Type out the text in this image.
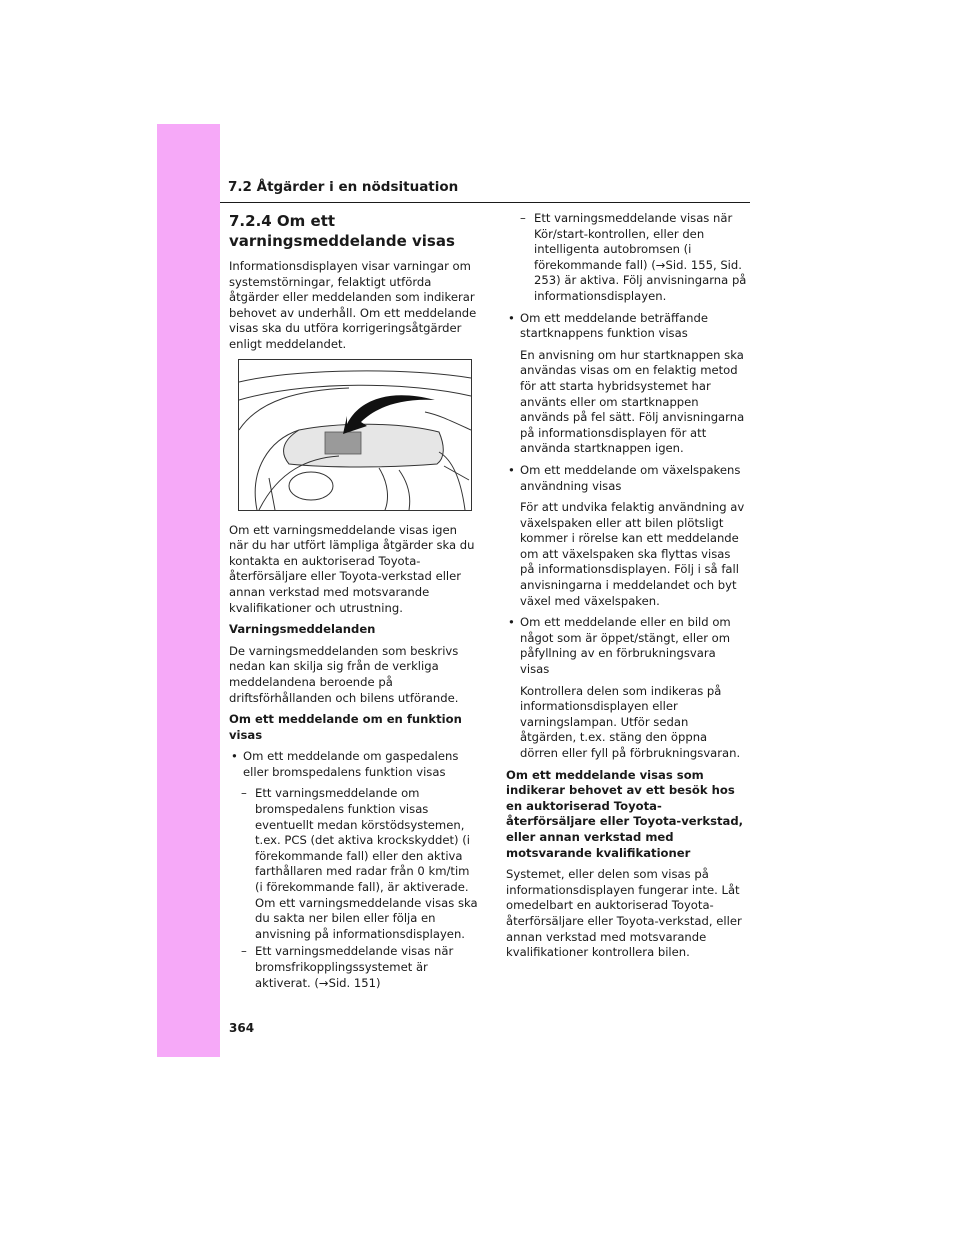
7.2 Åtgärder i en nödsituation
7.2.4 Om ett
varningsmeddelande visas

Informationsdisplayen visar varningar om systemstörningar, felaktigt utförda åtgärder eller meddelanden som indikerar behovet av underhåll. Om ett meddelande visas ska du utföra korrigeringsåtgärder enligt meddelandet.

Om ett varningsmeddelande visas igen när du har utfört lämpliga åtgärder ska du kontakta en auktoriserad Toyota-återförsäljare eller Toyota-verkstad eller annan verkstad med motsvarande kvalifikationer och utrustning.

Varningsmeddelanden

De varningsmeddelanden som beskrivs nedan kan skilja sig från de verkliga meddelandena beroende på driftsförhållanden och bilens utförande.

Om ett meddelande om en funktion visas

• Om ett meddelande om gaspedalens eller bromspedalens funktion visas
– Ett varningsmeddelande om bromspedalens funktion visas eventuellt medan körstödsystemen, t.ex. PCS (det aktiva krockskyddet) (i förekommande fall) eller den aktiva farthållaren med radar från 0 km/tim (i förekommande fall), är aktiverade. Om ett varningsmeddelande visas ska du sakta ner bilen eller följa en anvisning på informationsdisplayen.
– Ett varningsmeddelande visas när bromsfrikopplingssystemet är aktiverat. (→Sid. 151)
– Ett varningsmeddelande visas när Kör/start-kontrollen, eller den intelligenta autobromsen (i förekommande fall) (→Sid. 155, Sid. 253) är aktiva. Följ anvisningarna på informationsdisplayen.
• Om ett meddelande beträffande startknappens funktion visas

En anvisning om hur startknappen ska användas visas om en felaktig metod för att starta hybridsystemet har använts eller om startknappen används på fel sätt. Följ anvisningarna på informationsdisplayen för att använda startknappen igen.

• Om ett meddelande om växelspakens användning visas

För att undvika felaktig användning av växelspaken eller att bilen plötsligt kommer i rörelse kan ett meddelande om att växelspaken ska flyttas visas på informationsdisplayen. Följ i så fall anvisningarna i meddelandet och byt växel med växelspaken.

• Om ett meddelande eller en bild om något som är öppet/stängt, eller om påfyllning av en förbrukningsvara visas

Kontrollera delen som indikeras på informationsdisplayen eller varningslampan. Utför sedan åtgärden, t.ex. stäng den öppna dörren eller fyll på förbrukningsvaran.

Om ett meddelande visas som indikerar behovet av ett besök hos en auktoriserad Toyota-återförsäljare eller Toyota-verkstad, eller annan verkstad med motsvarande kvalifikationer

Systemet, eller delen som visas på informationsdisplayen fungerar inte. Låt omedelbart en auktoriserad Toyota-återförsäljare eller Toyota-verkstad, eller annan verkstad med motsvarande kvalifikationer kontrollera bilen.

364
